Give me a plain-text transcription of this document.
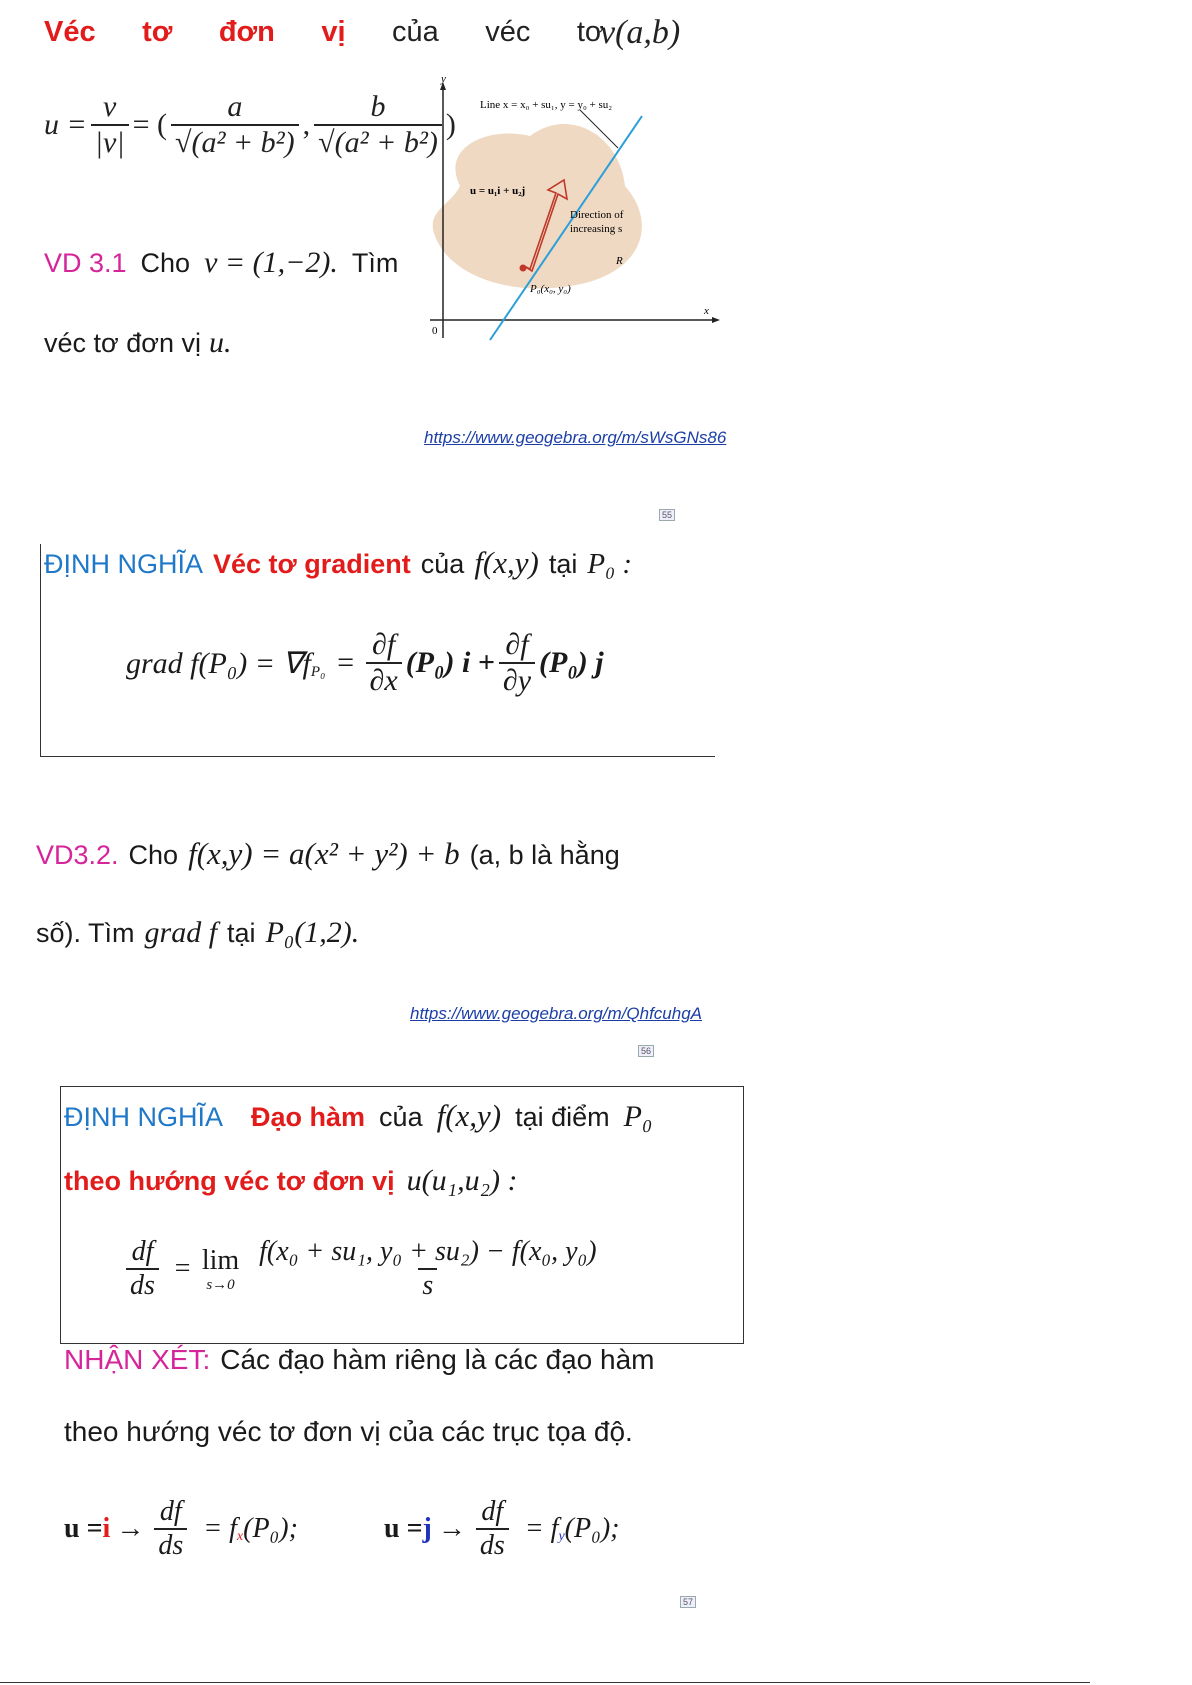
Véc tơ đơn vị của véc tơ
v(a,b)
$u = \frac{v}{|v|}$ = ( $\frac{a}{\text{√(a² + b²)}}$ , $\frac{b}{\text{√(a² + b²)}}$ )
VD 3.1 Cho v = (1,−2). Tìm
véc tơ đơn vị u.
y
x
0
Line x = x₀ + su₁, y = y₀ + su₂
u = u₁i + u₂j
Direction of
increasing s
R
P₀(x₀, y₀)
https://www.geogebra.org/m/sWsGNs86
55
ĐỊNH NGHĨA Véc tơ gradient của f(x,y) tại P₀ :
grad $f(P_0) = \nabla f_{P_0} = \frac{\partial f}{\partial x} (P_0) i + \frac{\partial f}{\partial y} (P_0)$ j
VD3.2. Cho f(x,y) = a(x² + y²) + b (a, b là hằng
số). Tìm grad f tại P₀(1,2).
https://www.geogebra.org/m/QhfcuhgA
56
ĐỊNH NGHĨA Đạo hàm của f(x,y) tại điểm P₀
theo hướng véc tơ đơn vị u(u₁,u₂) :
$\frac{df}{ds} = \lim$
$s\to 0 \frac{\text{f(x₀ + su₁, y₀ + su₂) − f(x₀, y₀)}}{s}$
NHẬN XÉT: Các đạo hàm riêng là các đạo hàm
theo hướng véc tơ đơn vị của các trục tọa độ.
$u = i \to \frac{df}{ds} = f_x$ (P₀);	$u = j \to \frac{df}{ds} = f_y$ (P₀);
57
